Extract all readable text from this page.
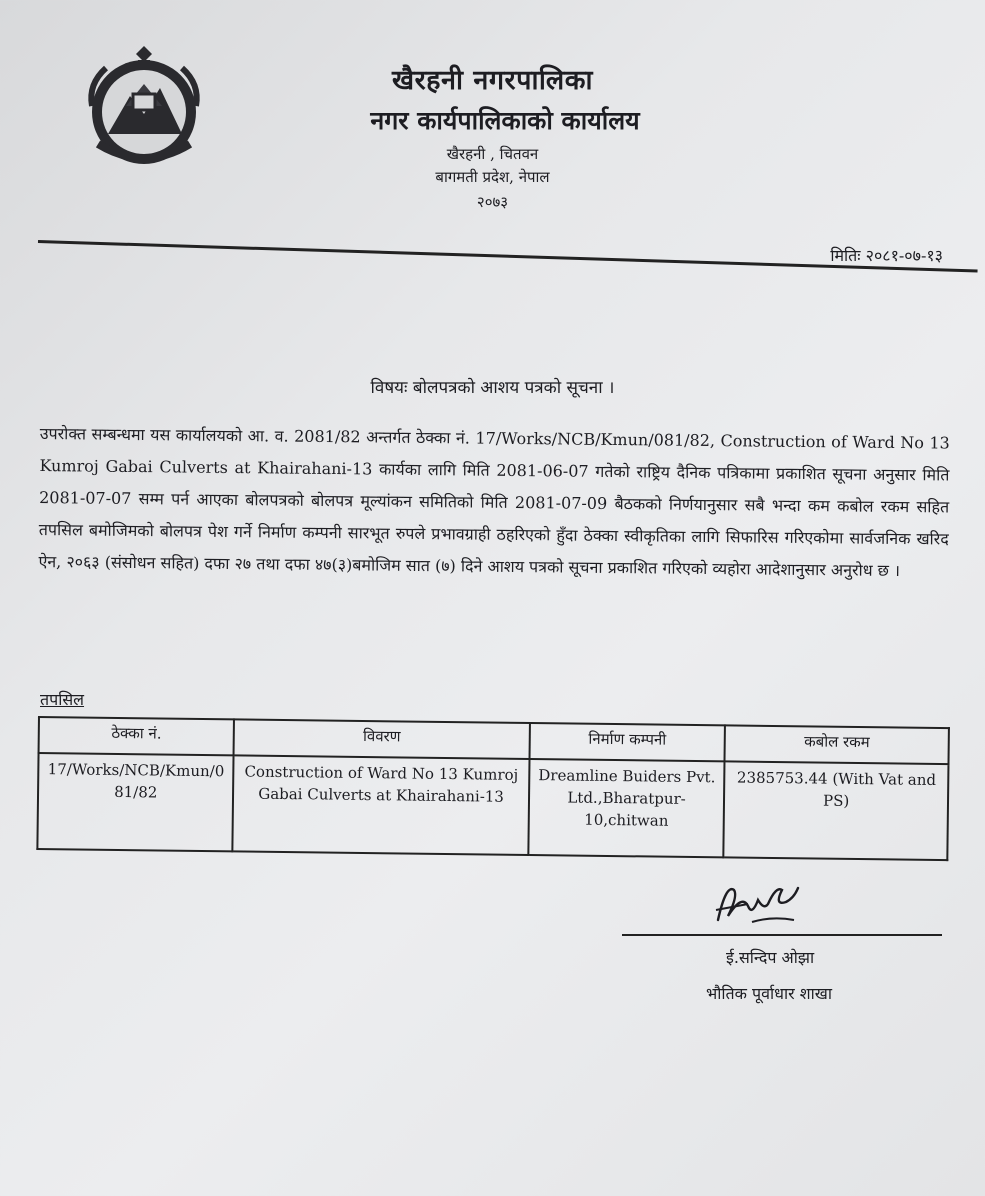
खैरहनी नगरपालिका
नगर कार्यपालिकाको कार्यालय
खैरहनी , चितवन
बागमती प्रदेश, नेपाल
२०७३
मितिः २०८१-०७-१३
विषयः बोलपत्रको आशय पत्रको सूचना ।
उपरोक्त सम्बन्धमा यस कार्यालयको आ. व. 2081/82 अन्तर्गत ठेक्का नं. 17/Works/NCB/Kmun/081/82, Construction of Ward No 13 Kumroj Gabai Culverts at Khairahani-13 कार्यका लागि मिति 2081-06-07 गतेको राष्ट्रिय दैनिक पत्रिकामा प्रकाशित सूचना अनुसार मिति 2081-07-07 सम्म पर्न आएका बोलपत्रको बोलपत्र मूल्यांकन समितिको मिति 2081-07-09 बैठकको निर्णयानुसार सबै भन्दा कम कबोल रकम सहित तपसिल बमोजिमको बोलपत्र पेश गर्ने निर्माण कम्पनी सारभूत रुपले प्रभावग्राही ठहरिएको हुँदा ठेक्का स्वीकृतिका लागि सिफारिस गरिएकोमा सार्वजनिक खरिद ऐन, २०६३ (संसोधन सहित) दफा २७ तथा दफा ४७(३)बमोजिम सात (७) दिने आशय पत्रको सूचना प्रकाशित गरिएको व्यहोरा आदेशानुसार अनुरोध छ ।
तपसिल
ठेक्का नं.	विवरण	निर्माण कम्पनी	कबोल रकम
17/Works/NCB/Kmun/081/82	Construction of Ward No 13 Kumroj Gabai Culverts at Khairahani-13	Dreamline Buiders Pvt. Ltd.,Bharatpur-10,chitwan	2385753.44 (With Vat and PS)
ई.सन्दिप ओझा
भौतिक पूर्वाधार शाखा
